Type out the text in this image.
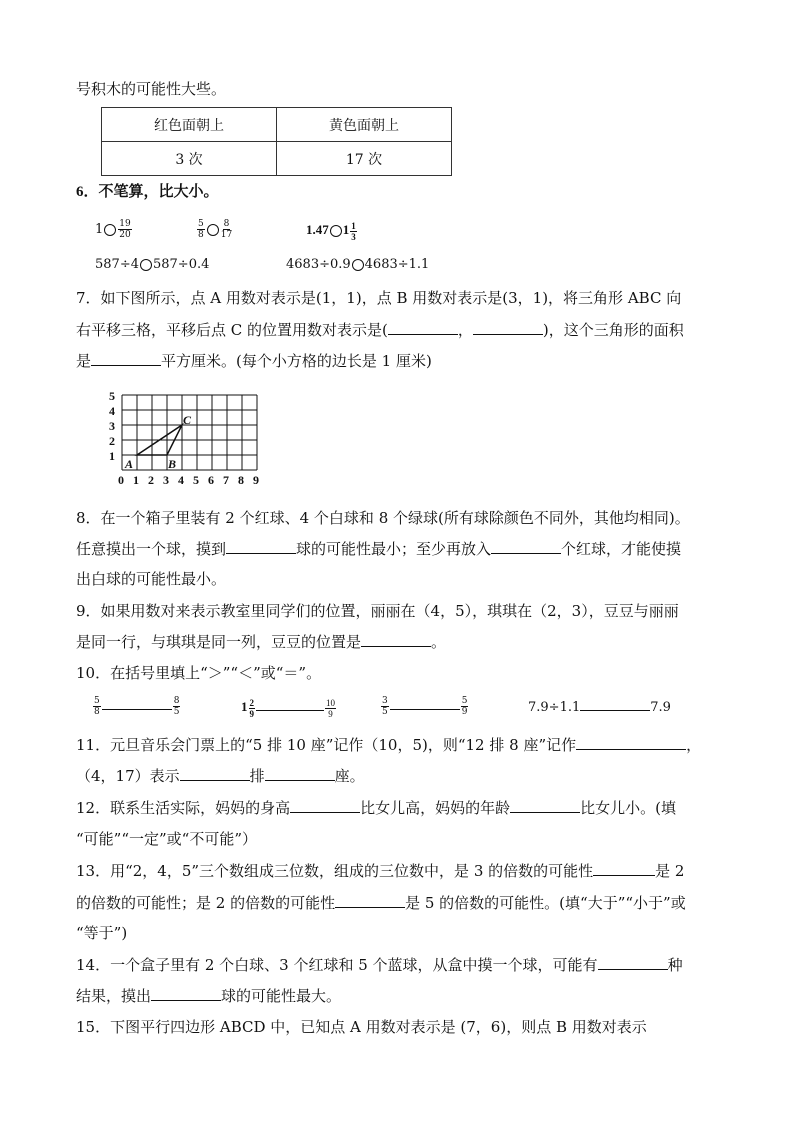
号积木的可能性大些。
红色面朝上	黄色面朝上
3 次	17 次
6．不笔算，比大小。
$1 \frac{19}{20}$	$\frac{5}{8} \frac{8}{17}$	1.47 $1 \frac{1}{3}$
587÷4 587÷0.4	4683÷0.9 4683÷1.1
7．如下图所示，点 A 用数对表示是(1，1)，点 B 用数对表示是(3，1)，将三角形 ABC 向
右平移三格，平移后点 C 的位置用数对表示是(	，	)，这个三角形的面积
是	平方厘米。(每个小方格的边长是 1 厘米)
0 1 2 3 4 5 6 7 8 9
1
2
3
4
5
A	B
C
8．在一个箱子里装有 2 个红球、4 个白球和 8 个绿球(所有球除颜色不同外，其他均相同)。
任意摸出一个球，摸到	球的可能性最小；至少再放入	个红球，才能使摸
出白球的可能性最小。
9．如果用数对来表示教室里同学们的位置，丽丽在（4，5），琪琪在（2，3），豆豆与丽丽
是同一行，与琪琪是同一列，豆豆的位置是	。
10．在括号里填上“＞”“＜”或“＝”。
$\frac{5}{8}$	$\frac{8}{5}$	$1 \frac{2}{9}$	$\frac{10}{9}$	$\frac{3}{5}$	$\frac{5}{9}$	7.9÷1.1	7.9
11．元旦音乐会门票上的“5 排 10 座”记作（10，5)，则“12 排 8 座”记作	，
（4，17）表示	排	座。
12．联系生活实际，妈妈的身高	比女儿高，妈妈的年龄	比女儿小。(填
“可能”“一定”或“不可能”）
13．用“2，4，5”三个数组成三位数，组成的三位数中，是 3 的倍数的可能性	是 2
的倍数的可能性；是 2 的倍数的可能性	是 5 的倍数的可能性。(填“大于”“小于”或
“等于”)
14．一个盒子里有 2 个白球、3 个红球和 5 个蓝球，从盒中摸一个球，可能有	种
结果，摸出	球的可能性最大。
15．下图平行四边形 ABCD 中，已知点 A 用数对表示是 (7，6)，则点 B 用数对表示
